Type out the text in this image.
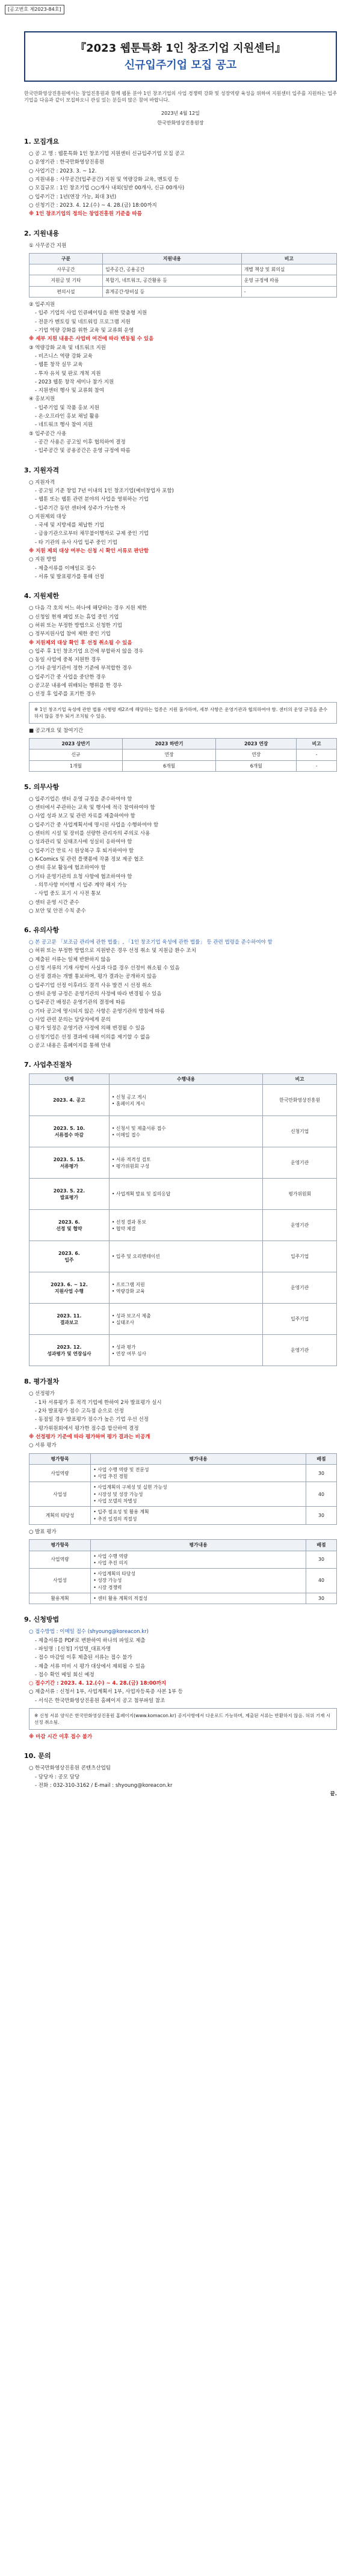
[공고번호 제2023-84호]
『2023 웹툰특화 1인 창조기업 지원센터』
신규입주기업 모집 공고
한국만화영상진흥원에서는 창업진흥원과 함께 웹툰 분야 1인 창조기업의 사업 경쟁력 강화 및 성장역량 육성을 위하여 지원센터 입주를 지원하는 입주기업을 다음과 같이 모집하오니 관심 있는 분들의 많은 참여 바랍니다.
2023년 4월 12일
한국만화영상진흥원장
1. 모집개요
○ 공 고 명 : 웹툰특화 1인 창조기업 지원센터 신규입주기업 모집 공고
○ 운영기관 : 한국만화영상진흥원
○ 사업기간 : 2023. 3. ~ 12.
○ 지원내용 : 사무공간(입주공간) 지원 및 역량강화 교육, 멘토링 등
○ 모집규모 : 1인 창조기업 ○○개사 내외(일반 00개사, 신규 00개사)
○ 입주기간 : 1년(연장 가능, 최대 3년)
○ 신청기간 : 2023. 4. 12.(수) ~ 4. 28.(금) 18:00까지
※ 1인 창조기업의 정의는 창업진흥원 기준을 따름
2. 지원내용
① 사무공간 지원
구분	지원내용	비고
사무공간	입주공간, 공용공간	개별 책상 및 회의실
지원금 및 기타	복합기, 네트워크, 공간활용 등	운영 규정에 따름
편의시설	휴게공간·탕비실 등	-
② 입주지원
- 입주 기업의 사업 인큐베이팅을 위한 맞춤형 지원
- 전문가 멘토링 및 네트워킹 프로그램 지원
- 기업 역량 강화를 위한 교육 및 교류회 운영
※ 세부 지원 내용은 사업비 여건에 따라 변동될 수 있음
③ 역량강화 교육 및 네트워크 지원
- 비즈니스 역량 강화 교육
- 웹툰 창작 실무 교육
- 투자 유치 및 판로 개척 지원
- 2023 웹툰 창작 세미나 참가 지원
- 지원센터 행사 및 교류회 참여
④ 홍보지원
- 입주기업 및 작품 홍보 지원
- 온·오프라인 홍보 채널 활용
- 네트워크 행사 참여 지원
⑤ 입주공간 사용
- 공간 사용은 공고일 이후 협의하여 결정
- 입주공간 및 공용공간은 운영 규정에 따름
3. 지원자격
○ 지원자격
- 공고일 기준 창업 7년 이내의 1인 창조기업(예비창업자 포함)
- 웹툰 또는 웹툰 관련 분야의 사업을 영위하는 기업
- 입주기간 동안 센터에 상주가 가능한 자
○ 지원제외 대상
- 국세 및 지방세를 체납한 기업
- 금융기관으로부터 채무불이행자로 규제 중인 기업
- 타 기관의 유사 사업 입주 중인 기업
※ 지원 제외 대상 여부는 신청 시 확인 서류로 판단함
○ 지원 방법
- 제출서류를 이메일로 접수
- 서류 및 발표평가를 통해 선정
4. 지원제한
○ 다음 각 호의 어느 하나에 해당하는 경우 지원 제한
○ 신청일 현재 폐업 또는 휴업 중인 기업
○ 허위 또는 부정한 방법으로 신청한 기업
○ 정부지원사업 참여 제한 중인 기업
※ 지원제외 대상 확인 후 선정 취소될 수 있음
○ 입주 후 1인 창조기업 요건에 부합하지 않을 경우
○ 동일 사업에 중복 지원한 경우
○ 기타 운영기관이 정한 기준에 부적합한 경우
○ 입주기간 중 사업을 중단한 경우
○ 공고문 내용에 위배되는 행위를 한 경우
○ 선정 후 입주를 포기한 경우
※ 1인 창조기업 육성에 관한 법률 시행령 제2조에 해당하는 업종은 지원 불가하며, 세부 사항은 운영기관과 협의하여야 함. 센터의 운영 규정을 준수하지 않을 경우 퇴거 조치될 수 있음.
■ 공고개요 및 참여기간
2023 상반기	2023 하반기	2023 연장	비고
신규	연장	연장	-
1개월	6개월	6개월	-
5. 의무사항
○ 입주기업은 센터 운영 규정을 준수하여야 함
○ 센터에서 주관하는 교육 및 행사에 적극 참여하여야 함
○ 사업 성과 보고 및 관련 자료를 제출하여야 함
○ 입주기간 중 사업계획서에 명시된 사업을 수행하여야 함
○ 센터의 시설 및 장비를 선량한 관리자의 주의로 사용
○ 성과관리 및 실태조사에 성실히 응하여야 함
○ 입주기간 만료 시 원상복구 후 퇴거하여야 함
○ K-Comics 및 관련 플랫폼에 작품 정보 제공 협조
○ 센터 홍보 활동에 협조하여야 함
○ 기타 운영기관의 요청 사항에 협조하여야 함
- 의무사항 미이행 시 입주 계약 해지 가능
- 사업 중도 포기 시 사전 통보
○ 센터 운영 시간 준수
○ 보안 및 안전 수칙 준수
6. 유의사항
○ 본 공고문 「보조금 관리에 관한 법률」, 「1인 창조기업 육성에 관한 법률」 등 관련 법령을 준수하여야 함
○ 허위 또는 부정한 방법으로 지원받은 경우 선정 취소 및 지원금 환수 조치
○ 제출된 서류는 일체 반환하지 않음
○ 신청 서류의 기재 사항이 사실과 다를 경우 선정이 취소될 수 있음
○ 선정 결과는 개별 통보하며, 평가 결과는 공개하지 않음
○ 입주기업 선정 이후라도 결격 사유 발견 시 선정 취소
○ 센터 운영 규정은 운영기관의 사정에 따라 변경될 수 있음
○ 입주공간 배정은 운영기관의 결정에 따름
○ 기타 공고에 명시되지 않은 사항은 운영기관의 방침에 따름
○ 사업 관련 문의는 담당자에게 문의
○ 평가 일정은 운영기관 사정에 의해 변경될 수 있음
○ 신청기업은 선정 결과에 대해 이의를 제기할 수 없음
○ 공고 내용은 홈페이지를 통해 안내
7. 사업추진절차
단계	수행내용	비고
2023. 4. 공고	• 신청 공고 게시
• 홈페이지 게시	한국만화영상진흥원
2023. 5. 10.
서류접수 마감	• 신청서 및 제출서류 접수
• 이메일 접수	신청기업
2023. 5. 15.
서류평가	• 서류 적격성 검토
• 평가위원회 구성	운영기관
2023. 5. 22.
발표평가	• 사업계획 발표 및 질의응답	평가위원회
2023. 6.
선정 및 협약	• 선정 결과 통보
• 협약 체결	운영기관
2023. 6.
입주	• 입주 및 오리엔테이션	입주기업
2023. 6. ~ 12.
지원사업 수행	• 프로그램 지원
• 역량강화 교육	운영기관
2023. 11.
결과보고	• 성과 보고서 제출
• 실태조사	입주기업
2023. 12.
성과평가 및 연장심사	• 성과 평가
• 연장 여부 심사	운영기관
8. 평가절차
○ 선정평가
- 1차 서류평가 후 적격 기업에 한하여 2차 발표평가 실시
- 2차 발표평가 점수 고득점 순으로 선정
- 동점일 경우 발표평가 점수가 높은 기업 우선 선정
- 평가위원회에서 평가한 점수를 합산하여 결정
※ 선정평가 기준에 따라 평가하며 평가 결과는 비공개
○ 서류 평가
평가항목	평가내용	배점
사업역량	• 사업 수행 역량 및 전문성
• 사업 추진 경험	30
사업성	• 사업계획의 구체성 및 실현 가능성
• 시장성 및 성장 가능성
• 사업 모델의 차별성	40
계획의 타당성	• 입주 필요성 및 활용 계획
• 추진 일정의 적절성	30
○ 발표 평가
평가항목	평가내용	배점
사업역량	• 사업 수행 역량
• 사업 추진 의지	30
사업성	• 사업계획의 타당성
• 성장 가능성
• 시장 경쟁력	40
활용계획	• 센터 활용 계획의 적절성	30
9. 신청방법
○ 접수방법 : 이메일 접수 (shyoung@koreacon.kr)
- 제출서류를 PDF로 변환하여 하나의 파일로 제출
- 파일명 : [신청] 기업명_대표자명
- 접수 마감일 이후 제출된 서류는 접수 불가
- 제출 서류 미비 시 평가 대상에서 제외될 수 있음
- 접수 확인 메일 회신 예정
○ 접수기간 : 2023. 4. 12.(수) ~ 4. 28.(금) 18:00까지
○ 제출서류 : 신청서 1부, 사업계획서 1부, 사업자등록증 사본 1부 등
- 서식은 한국만화영상진흥원 홈페이지 공고 첨부파일 참조
※ 신청 서류 양식은 한국만화영상진흥원 홈페이지(www.komacon.kr) 공지사항에서 다운로드 가능하며, 제출된 서류는 반환하지 않음. 허위 기재 시 선정 취소됨.
※ 마감 시간 이후 접수 불가
10. 문의
○ 한국만화영상진흥원 콘텐츠산업팀
- 담당자 : 공모 담당
- 전화 : 032-310-3162 / E-mail : shyoung@koreacon.kr
끝.
